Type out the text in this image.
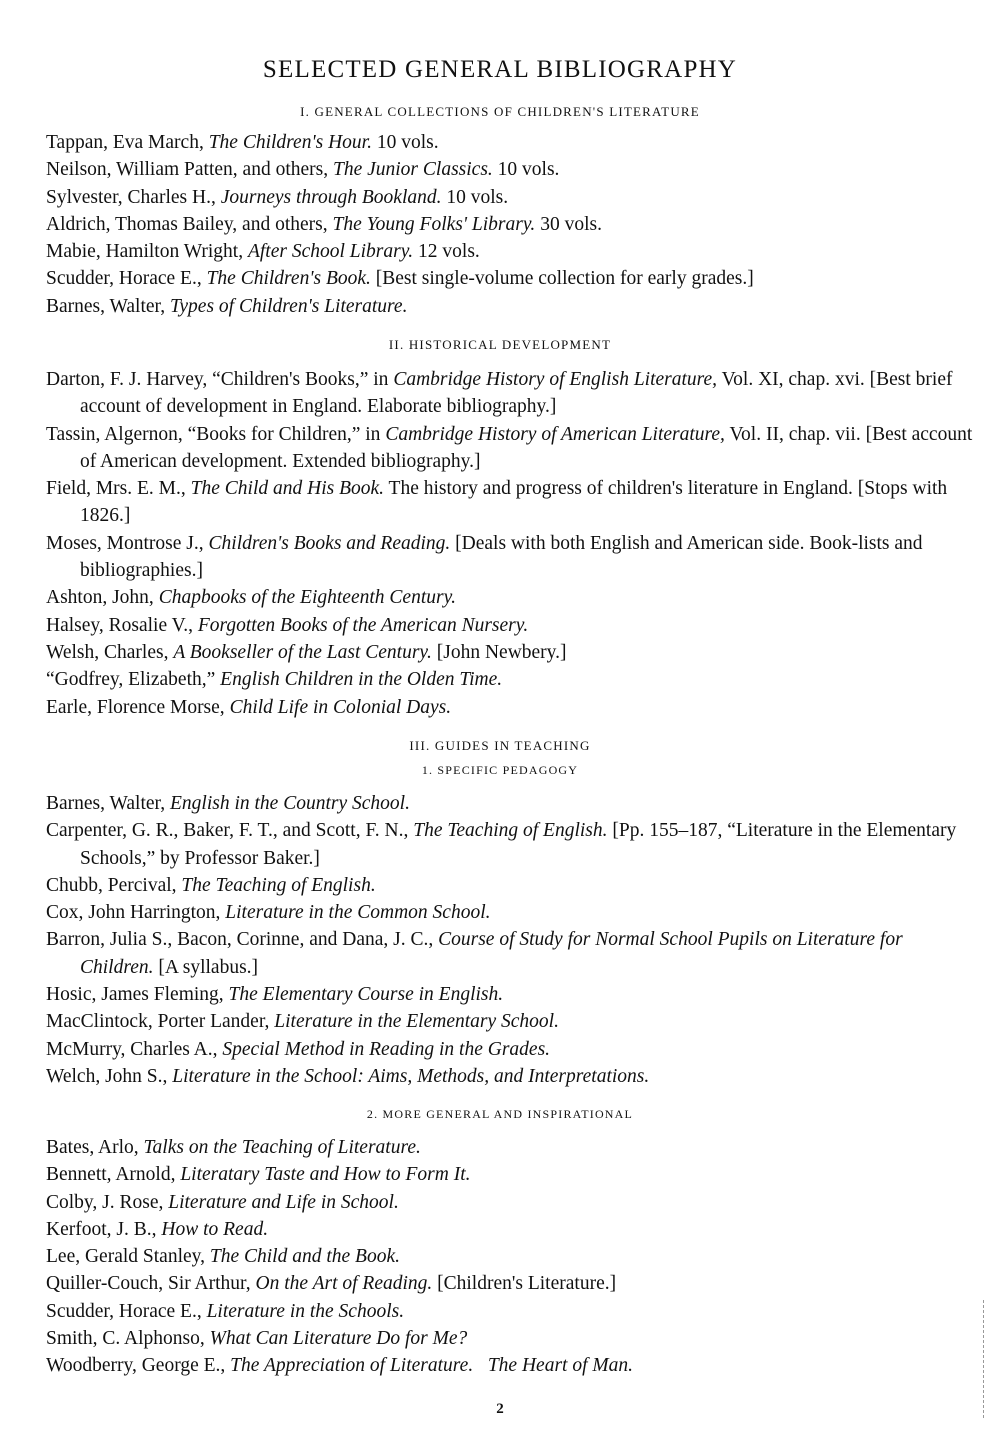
SELECTED GENERAL BIBLIOGRAPHY
I. GENERAL COLLECTIONS OF CHILDREN'S LITERATURE
Tappan, Eva March, The Children's Hour. 10 vols.
Neilson, William Patten, and others, The Junior Classics. 10 vols.
Sylvester, Charles H., Journeys through Bookland. 10 vols.
Aldrich, Thomas Bailey, and others, The Young Folks' Library. 30 vols.
Mabie, Hamilton Wright, After School Library. 12 vols.
Scudder, Horace E., The Children's Book. [Best single-volume collection for early grades.]
Barnes, Walter, Types of Children's Literature.
II. HISTORICAL DEVELOPMENT
Darton, F. J. Harvey, “Children's Books,” in Cambridge History of English Literature, Vol. XI, chap. xvi. [Best brief account of development in England. Elaborate bibliography.]
Tassin, Algernon, “Books for Children,” in Cambridge History of American Literature, Vol. II, chap. vii. [Best account of American development. Extended bibliography.]
Field, Mrs. E. M., The Child and His Book. The history and progress of children's literature in England. [Stops with 1826.]
Moses, Montrose J., Children's Books and Reading. [Deals with both English and American side. Book-lists and bibliographies.]
Ashton, John, Chapbooks of the Eighteenth Century.
Halsey, Rosalie V., Forgotten Books of the American Nursery.
Welsh, Charles, A Bookseller of the Last Century. [John Newbery.]
“Godfrey, Elizabeth,” English Children in the Olden Time.
Earle, Florence Morse, Child Life in Colonial Days.
III. GUIDES IN TEACHING
1. SPECIFIC PEDAGOGY
Barnes, Walter, English in the Country School.
Carpenter, G. R., Baker, F. T., and Scott, F. N., The Teaching of English. [Pp. 155–187, “Literature in the Elementary Schools,” by Professor Baker.]
Chubb, Percival, The Teaching of English.
Cox, John Harrington, Literature in the Common School.
Barron, Julia S., Bacon, Corinne, and Dana, J. C., Course of Study for Normal School Pupils on Literature for Children. [A syllabus.]
Hosic, James Fleming, The Elementary Course in English.
MacClintock, Porter Lander, Literature in the Elementary School.
McMurry, Charles A., Special Method in Reading in the Grades.
Welch, John S., Literature in the School: Aims, Methods, and Interpretations.
2. MORE GENERAL AND INSPIRATIONAL
Bates, Arlo, Talks on the Teaching of Literature.
Bennett, Arnold, Literatary Taste and How to Form It.
Colby, J. Rose, Literature and Life in School.
Kerfoot, J. B., How to Read.
Lee, Gerald Stanley, The Child and the Book.
Quiller-Couch, Sir Arthur, On the Art of Reading. [Children's Literature.]
Scudder, Horace E., Literature in the Schools.
Smith, C. Alphonso, What Can Literature Do for Me?
Woodberry, George E., The Appreciation of Literature. The Heart of Man.
2
